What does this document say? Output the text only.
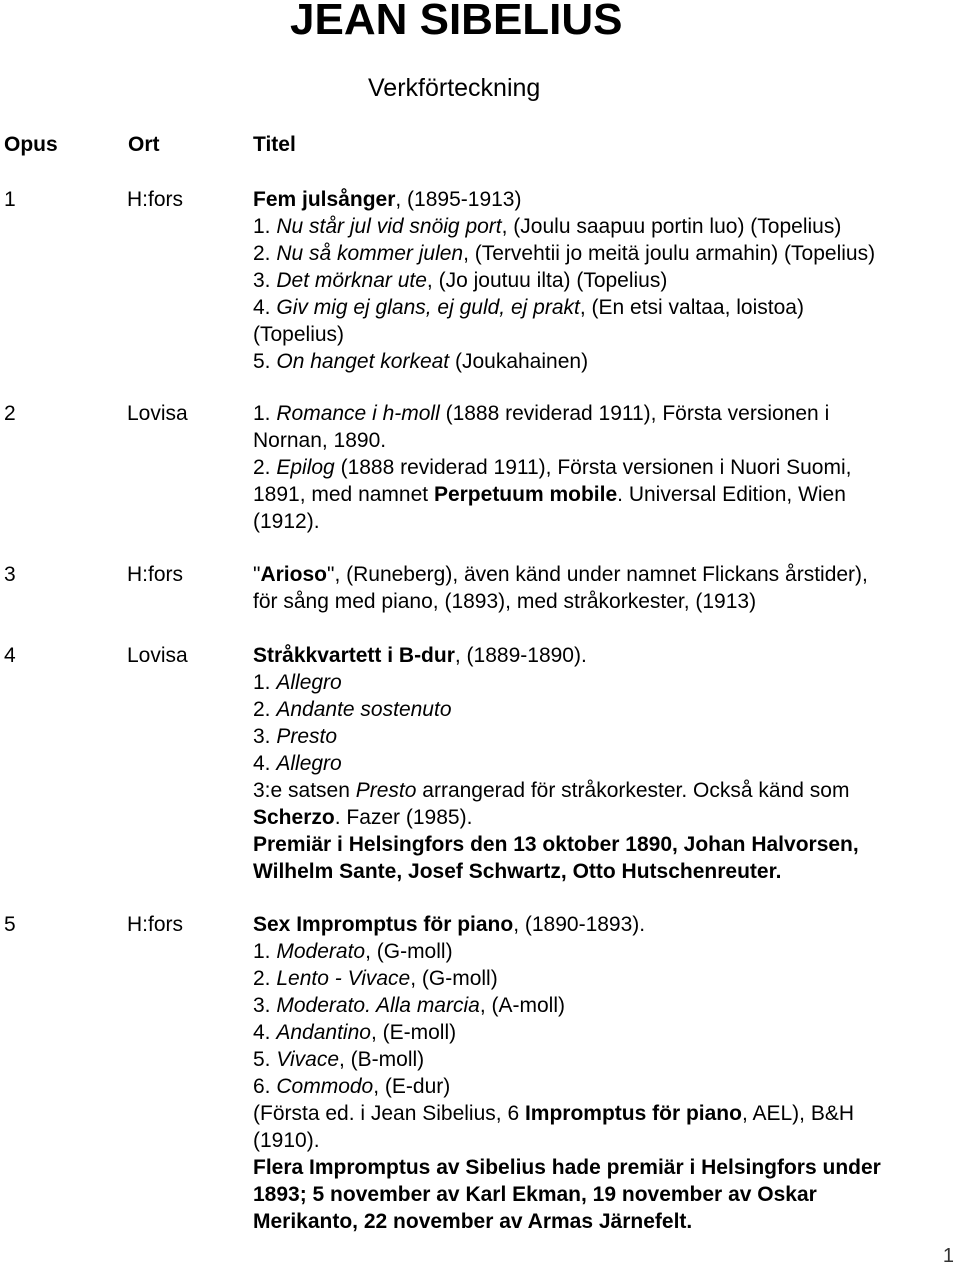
JEAN SIBELIUS
Verkförteckning
Opus	Ort	Titel
1	H:fors	Fem julsånger, (1895-1913)
1. Nu står jul vid snöig port, (Joulu saapuu portin luo) (Topelius)
2. Nu så kommer julen, (Tervehtii jo meitä joulu armahin) (Topelius)
3. Det mörknar ute, (Jo joutuu ilta) (Topelius)
4. Giv mig ej glans, ej guld, ej prakt, (En etsi valtaa, loistoa)
(Topelius)
5. On hanget korkeat (Joukahainen)
2	Lovisa	1. Romance i h-moll (1888 reviderad 1911), Första versionen i
Nornan, 1890.
2. Epilog (1888 reviderad 1911), Första versionen i Nuori Suomi,
1891, med namnet Perpetuum mobile. Universal Edition, Wien
(1912).
3	H:fors	"Arioso", (Runeberg), även känd under namnet Flickans årstider),
för sång med piano, (1893), med stråkorkester, (1913)
4	Lovisa	Stråkkvartett i B-dur, (1889-1890).
1. Allegro
2. Andante sostenuto
3. Presto
4. Allegro
3:e satsen Presto arrangerad för stråkorkester. Också känd som
Scherzo. Fazer (1985).
Premiär i Helsingfors den 13 oktober 1890, Johan Halvorsen,
Wilhelm Sante, Josef Schwartz, Otto Hutschenreuter.
5	H:fors	Sex Impromptus för piano, (1890-1893).
1. Moderato, (G-moll)
2. Lento - Vivace, (G-moll)
3. Moderato. Alla marcia, (A-moll)
4. Andantino, (E-moll)
5. Vivace, (B-moll)
6. Commodo, (E-dur)
(Första ed. i Jean Sibelius, 6 Impromptus för piano, AEL), B&H
(1910).
Flera Impromptus av Sibelius hade premiär i Helsingfors under
1893; 5 november av Karl Ekman, 19 november av Oskar
Merikanto, 22 november av Armas Järnefelt.
1
